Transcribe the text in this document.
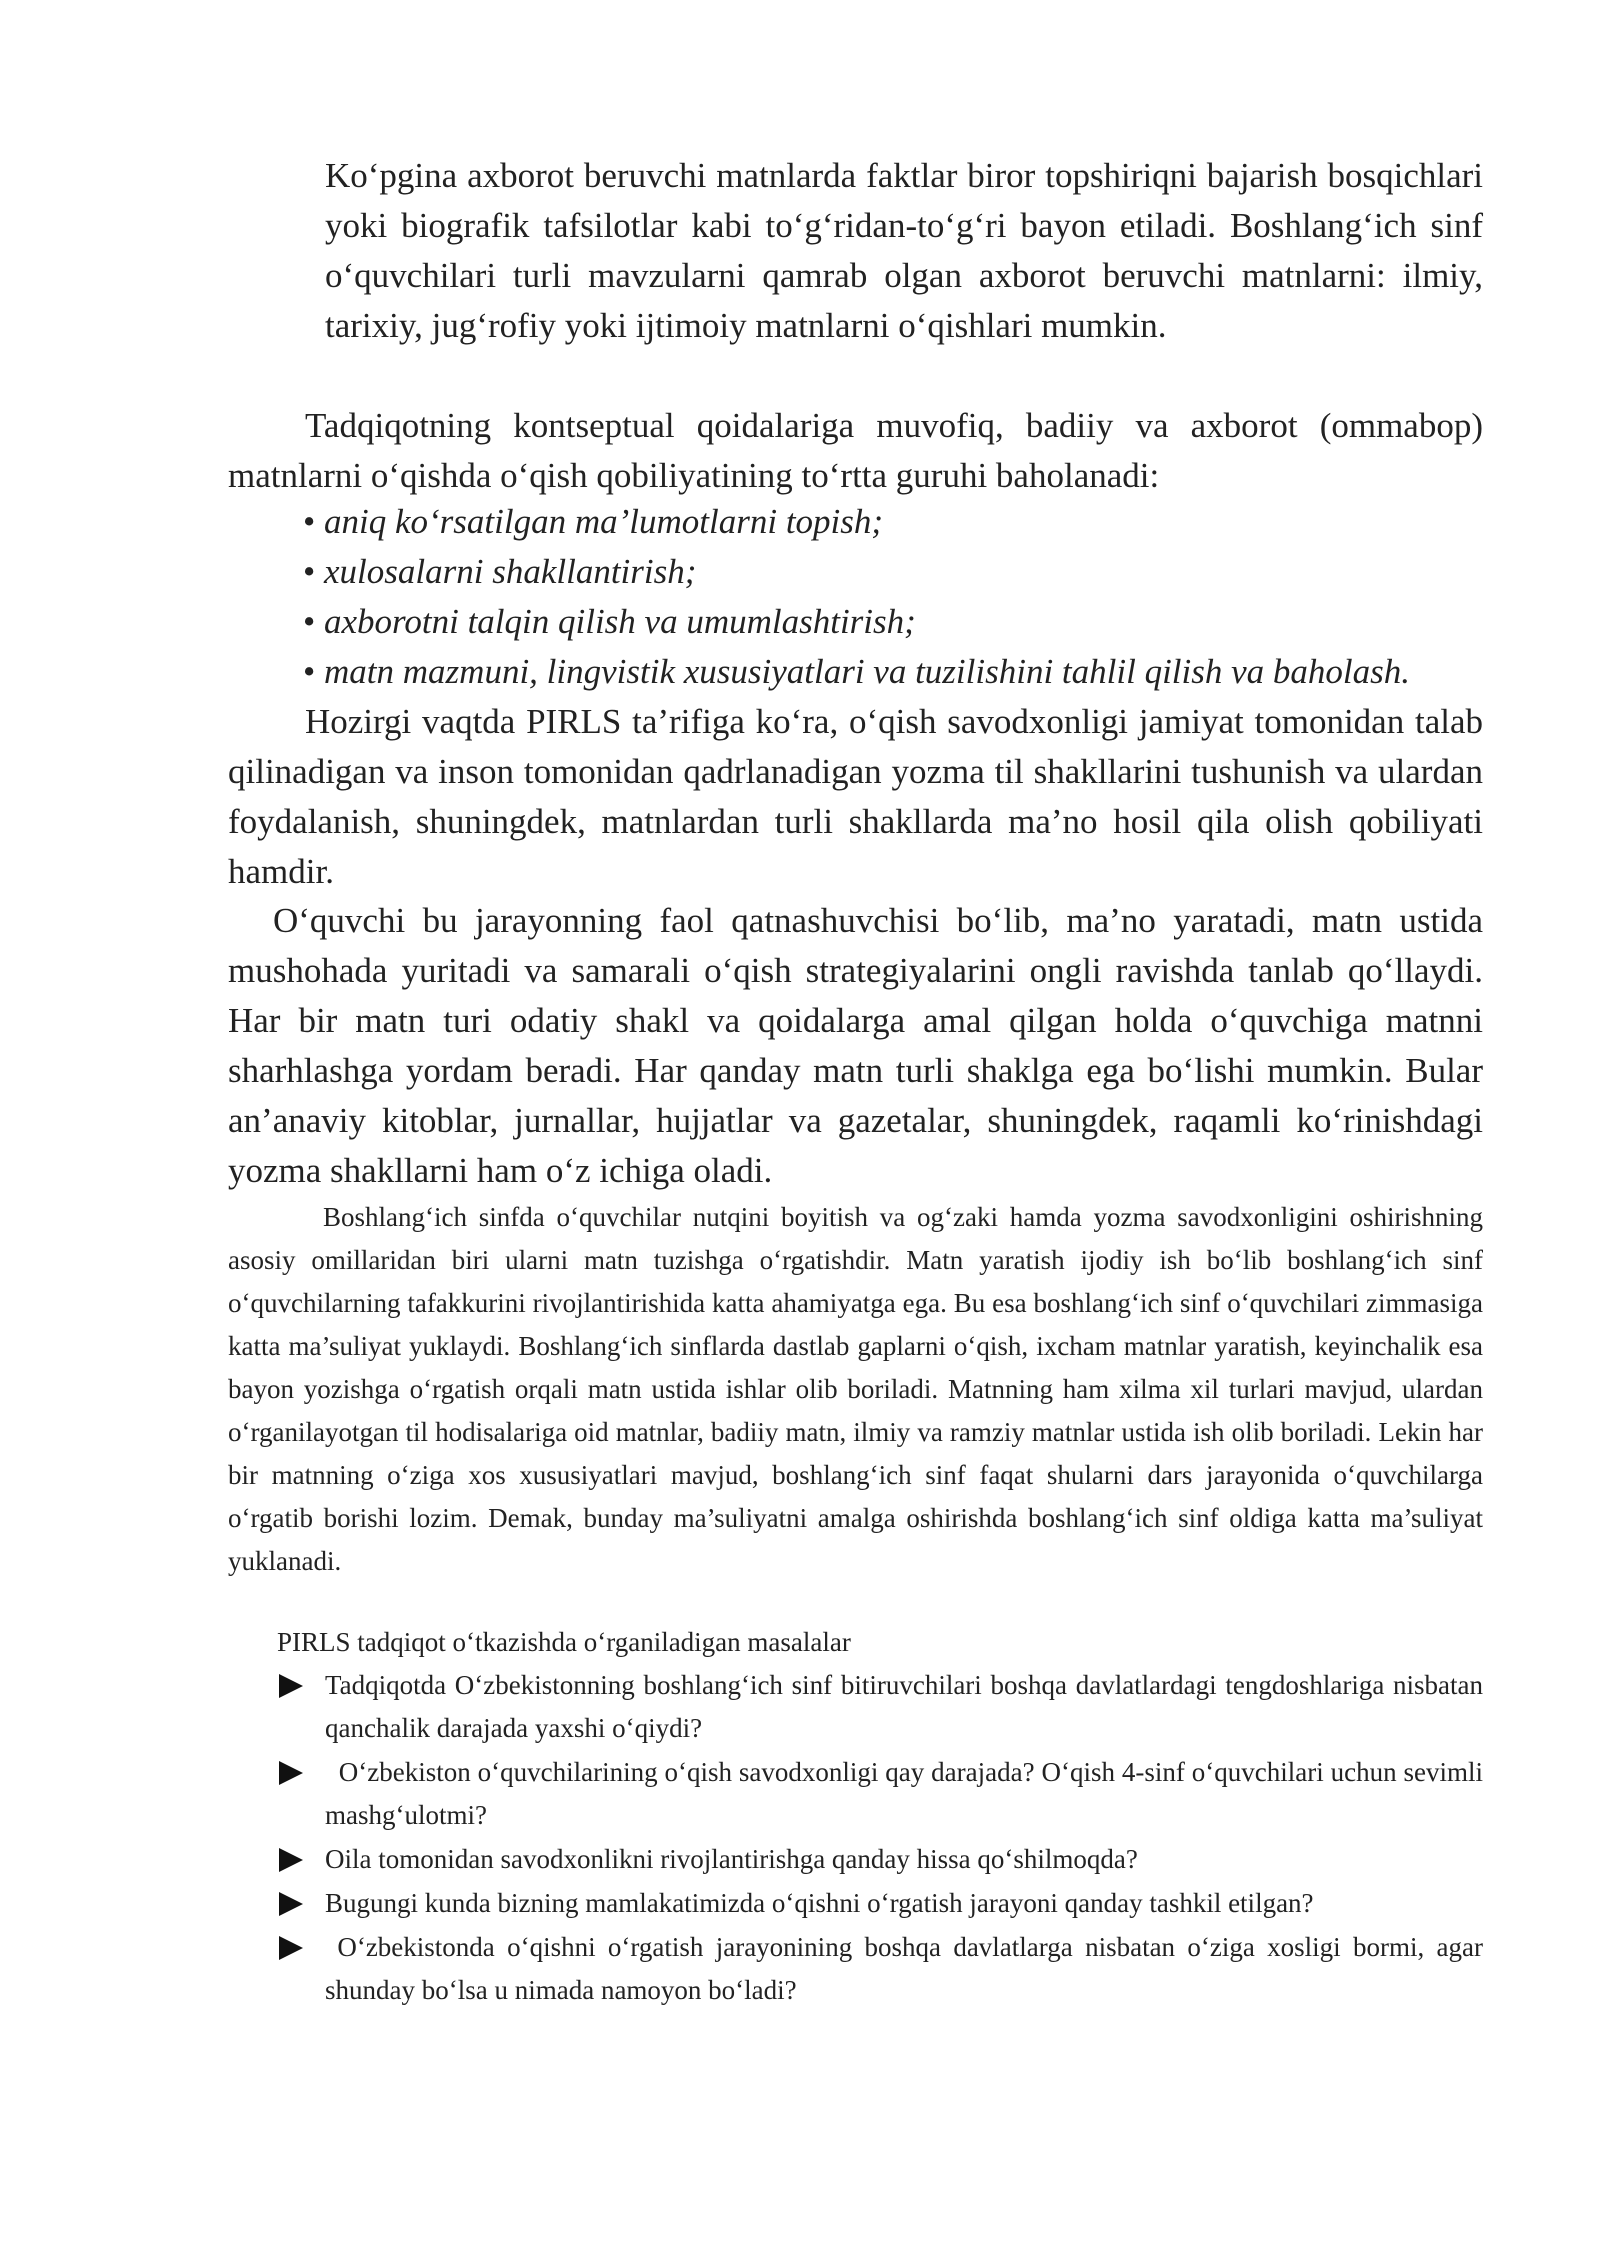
Koʻpgina axborot beruvchi matnlarda faktlar biror topshiriqni bajarish bosqichlari yoki biografik tafsilotlar kabi toʻgʻridan-toʻgʻri bayon etiladi. Boshlangʻich sinf oʻquvchilari turli mavzularni qamrab olgan axborot beruvchi matnlarni: ilmiy, tarixiy, jugʻrofiy yoki ijtimoiy matnlarni oʻqishlari mumkin.

Tadqiqotning kontseptual qoidalariga muvofiq, badiiy va axborot (ommabop) matnlarni oʻqishda oʻqish qobiliyatining toʻrtta guruhi baholanadi:

• aniq koʻrsatilgan ma’lumotlarni topish;
• xulosalarni shakllantirish;
• axborotni talqin qilish va umumlashtirish;
• matn mazmuni, lingvistik xususiyatlari va tuzilishini tahlil qilish va baholash.

Hozirgi vaqtda PIRLS ta’rifiga koʻra, oʻqish savodxonligi jamiyat tomonidan talab qilinadigan va inson tomonidan qadrlanadigan yozma til shakllarini tushunish va ulardan foydalanish, shuningdek, matnlardan turli shakllarda ma’no hosil qila olish qobiliyati hamdir.

Oʻquvchi bu jarayonning faol qatnashuvchisi boʻlib, ma’no yaratadi, matn ustida mushohada yuritadi va samarali oʻqish strategiyalarini ongli ravishda tanlab qoʻllaydi. Har bir matn turi odatiy shakl va qoidalarga amal qilgan holda oʻquvchiga matnni sharhlashga yordam beradi. Har qanday matn turli shaklga ega boʻlishi mumkin. Bular an’anaviy kitoblar, jurnallar, hujjatlar va gazetalar, shuningdek, raqamli koʻrinishdagi yozma shakllarni ham oʻz ichiga oladi.

Boshlangʻich sinfda oʻquvchilar nutqini boyitish va ogʻzaki hamda yozma savodxonligini oshirishning asosiy omillaridan biri ularni matn tuzishga oʻrgatishdir. Matn yaratish ijodiy ish boʻlib boshlangʻich sinf oʻquvchilarning tafakkurini rivojlantirishida katta ahamiyatga ega. Bu esa boshlangʻich sinf oʻquvchilari zimmasiga katta ma’suliyat yuklaydi. Boshlangʻich sinflarda dastlab gaplarni oʻqish, ixcham matnlar yaratish, keyinchalik esa bayon yozishga oʻrgatish orqali matn ustida ishlar olib boriladi. Matnning ham xilma xil turlari mavjud, ulardan oʻrganilayotgan til hodisalariga oid matnlar, badiiy matn, ilmiy va ramziy matnlar ustida ish olib boriladi. Lekin har bir matnning oʻziga xos xususiyatlari mavjud, boshlangʻich sinf faqat shularni dars jarayonida oʻquvchilarga oʻrgatib borishi lozim. Demak, bunday ma’suliyatni amalga oshirishda boshlangʻich sinf oldiga katta ma’suliyat yuklanadi.

PIRLS tadqiqot oʻtkazishda oʻrganiladigan masalalar
Tadqiqotda Oʻzbekistonning boshlangʻich sinf bitiruvchilari boshqa davlatlardagi tengdoshlariga nisbatan qanchalik darajada yaxshi oʻqiydi?
Oʻzbekiston oʻquvchilarining oʻqish savodxonligi qay darajada? Oʻqish 4-sinf oʻquvchilari uchun sevimli mashgʻulotmi?
Oila tomonidan savodxonlikni rivojlantirishga qanday hissa qoʻshilmoqda?
Bugungi kunda bizning mamlakatimizda oʻqishni oʻrgatish jarayoni qanday tashkil etilgan?
Oʻzbekistonda oʻqishni oʻrgatish jarayonining boshqa davlatlarga nisbatan oʻziga xosligi bormi, agar shunday boʻlsa u nimada namoyon boʻladi?
